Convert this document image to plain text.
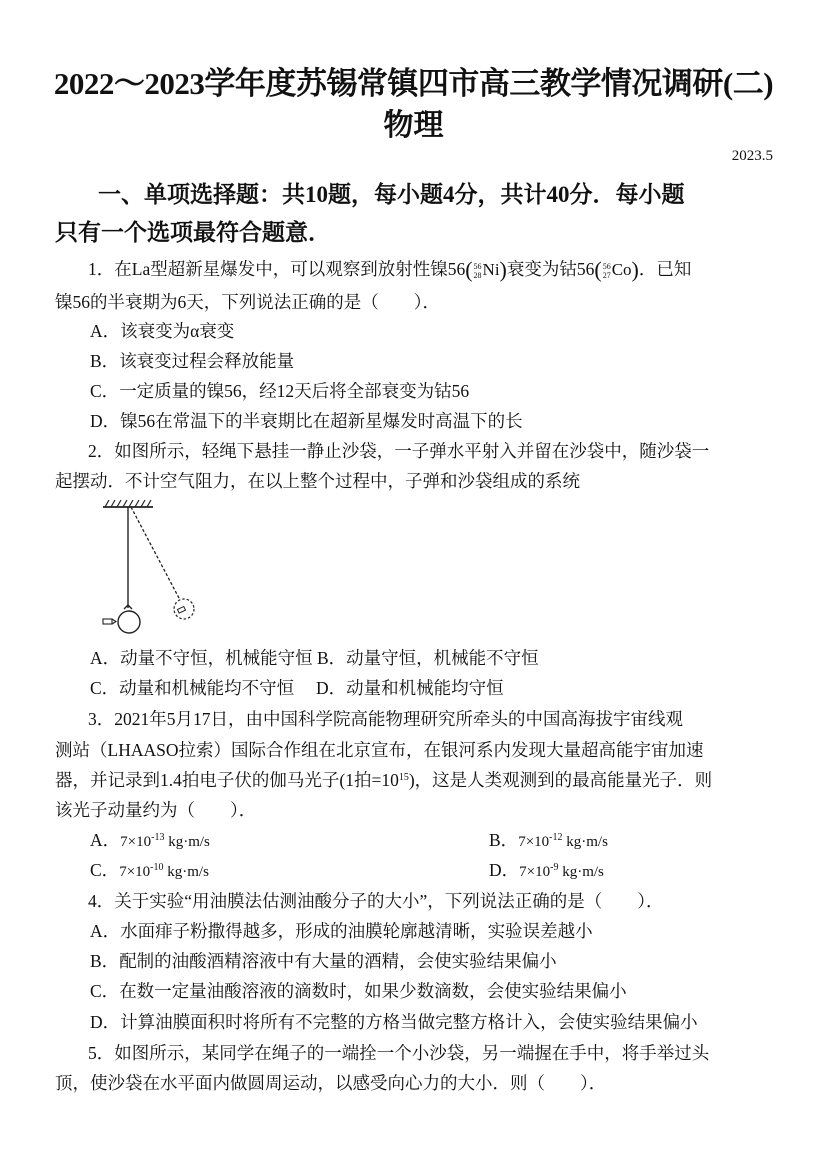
2022～2023学年度苏锡常镇四市高三教学情况调研(二)
物理
2023.5
一、单项选择题：共10题，每小题4分，共计40分．每小题
只有一个选项最符合题意．
1．在La型超新星爆发中，可以观察到放射性镍56(56
28Ni)衰变为钴56(56
27Co)．已知
镍56的半衰期为6天，下列说法正确的是（　　）．
A．该衰变为α衰变
B．该衰变过程会释放能量
C．一定质量的镍56，经12天后将全部衰变为钴56
D．镍56在常温下的半衰期比在超新星爆发时高温下的长
2．如图所示，轻绳下悬挂一静止沙袋，一子弹水平射入并留在沙袋中，随沙袋一
起摆动．不计空气阻力，在以上整个过程中，子弹和沙袋组成的系统
A．动量不守恒，机械能守恒 B．动量守恒，机械能不守恒
C．动量和机械能均不守恒　 D．动量和机械能均守恒
3．2021年5月17日，由中国科学院高能物理研究所牵头的中国高海拔宇宙线观
测站（LHAASO拉索）国际合作组在北京宣布，在银河系内发现大量超高能宇宙加速
器，并记录到1.4拍电子伏的伽马光子(1拍$=10^{15}$)，这是人类观测到的最高能量光子．则
该光子动量约为（　　）．
A．$7\times 10^{-13}$ kg·m/s	B．$7\times 10^{-12}$ kg·m/s
C．$7\times 10^{-10}$ kg·m/s	D．$7\times 10^{-9}$ kg·m/s
4．关于实验“用油膜法估测油酸分子的大小”，下列说法正确的是（　　）．
A．水面痱子粉撒得越多，形成的油膜轮廓越清晰，实验误差越小
B．配制的油酸酒精溶液中有大量的酒精，会使实验结果偏小
C．在数一定量油酸溶液的滴数时，如果少数滴数，会使实验结果偏小
D．计算油膜面积时将所有不完整的方格当做完整方格计入，会使实验结果偏小
5．如图所示，某同学在绳子的一端拴一个小沙袋，另一端握在手中，将手举过头
顶，使沙袋在水平面内做圆周运动，以感受向心力的大小．则（　　）．
